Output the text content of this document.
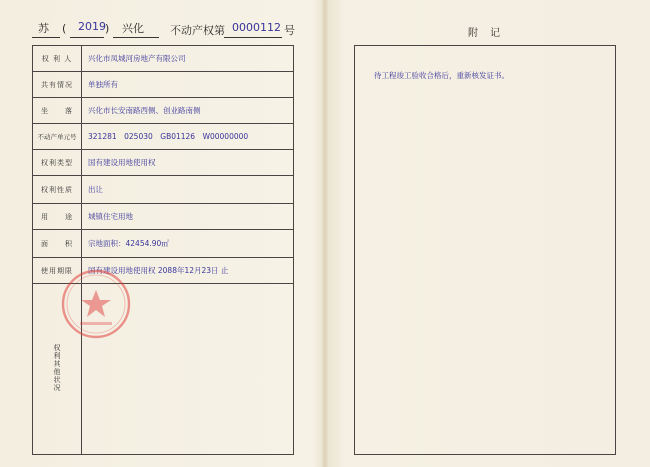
苏 ( 2019 ) 兴化 不动产权第 0000112 号
权 利 人	兴化市凤城河房地产有限公司
共有情况	单独所有
坐　　落	兴化市长安南路西侧、创业路南侧
不动产单元号	321281　025030　GB01126　W00000000
权利类型	国有建设用地使用权
权利性质	出让
用　　途	城镇住宅用地
面　　积	宗地面积：42454.90㎡
使用期限	国有建设用地使用权 2088年12月23日 止
权利其他状况	
附记
待工程竣工验收合格后，重新核发证书。
